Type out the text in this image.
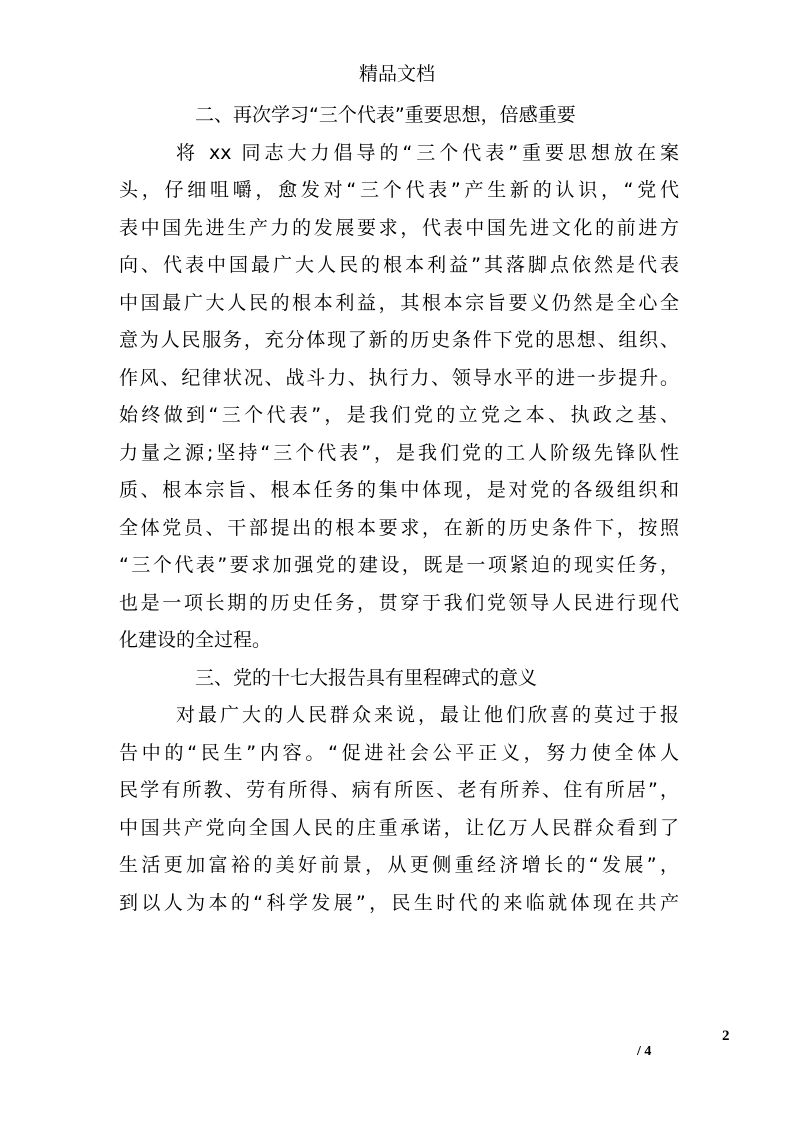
精品文档
二、再次学习“三个代表”重要思想，倍感重要
将 xx 同志大力倡导的“三个代表”重要思想放在案
头，仔细咀嚼，愈发对“三个代表”产生新的认识，“党代
表中国先进生产力的发展要求，代表中国先进文化的前进方
向、代表中国最广大人民的根本利益”其落脚点依然是代表
中国最广大人民的根本利益，其根本宗旨要义仍然是全心全
意为人民服务，充分体现了新的历史条件下党的思想、组织、
作风、纪律状况、战斗力、执行力、领导水平的进一步提升。
始终做到“三个代表”，是我们党的立党之本、执政之基、
力量之源;坚持“三个代表”，是我们党的工人阶级先锋队性
质、根本宗旨、根本任务的集中体现，是对党的各级组织和
全体党员、干部提出的根本要求，在新的历史条件下，按照
“三个代表”要求加强党的建设，既是一项紧迫的现实任务，
也是一项长期的历史任务，贯穿于我们党领导人民进行现代
化建设的全过程。
三、党的十七大报告具有里程碑式的意义
对最广大的人民群众来说，最让他们欣喜的莫过于报
告中的“民生”内容。“促进社会公平正义，努力使全体人
民学有所教、劳有所得、病有所医、老有所养、住有所居”，
中国共产党向全国人民的庄重承诺，让亿万人民群众看到了
生活更加富裕的美好前景，从更侧重经济增长的“发展”，
到以人为本的“科学发展”，民生时代的来临就体现在共产
2
/ 4
